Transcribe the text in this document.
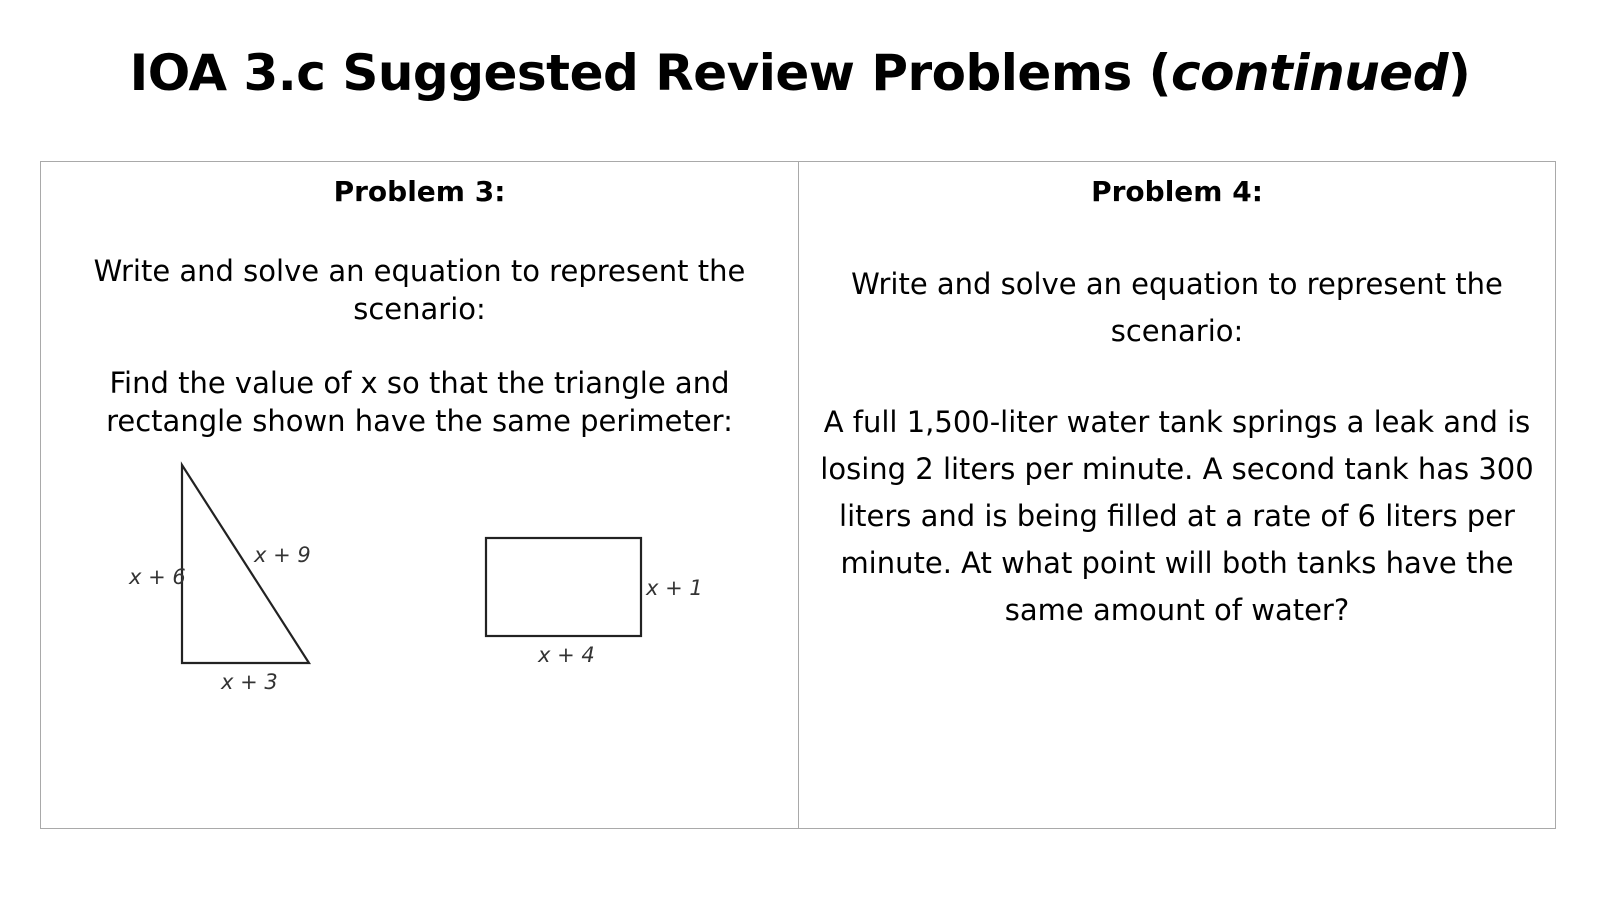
IOA 3.c Suggested Review Problems (continued)
Problem 3:
Write and solve an equation to represent the scenario:
Find the value of x so that the triangle and rectangle shown have the same perimeter:
x + 6
x + 9
x + 3
x + 1
x + 4
Problem 4:
Write and solve an equation to represent the scenario:
A full 1,500-liter water tank springs a leak and is losing 2 liters per minute. A second tank has 300 liters and is being filled at a rate of 6 liters per minute. At what point will both tanks have the same amount of water?
